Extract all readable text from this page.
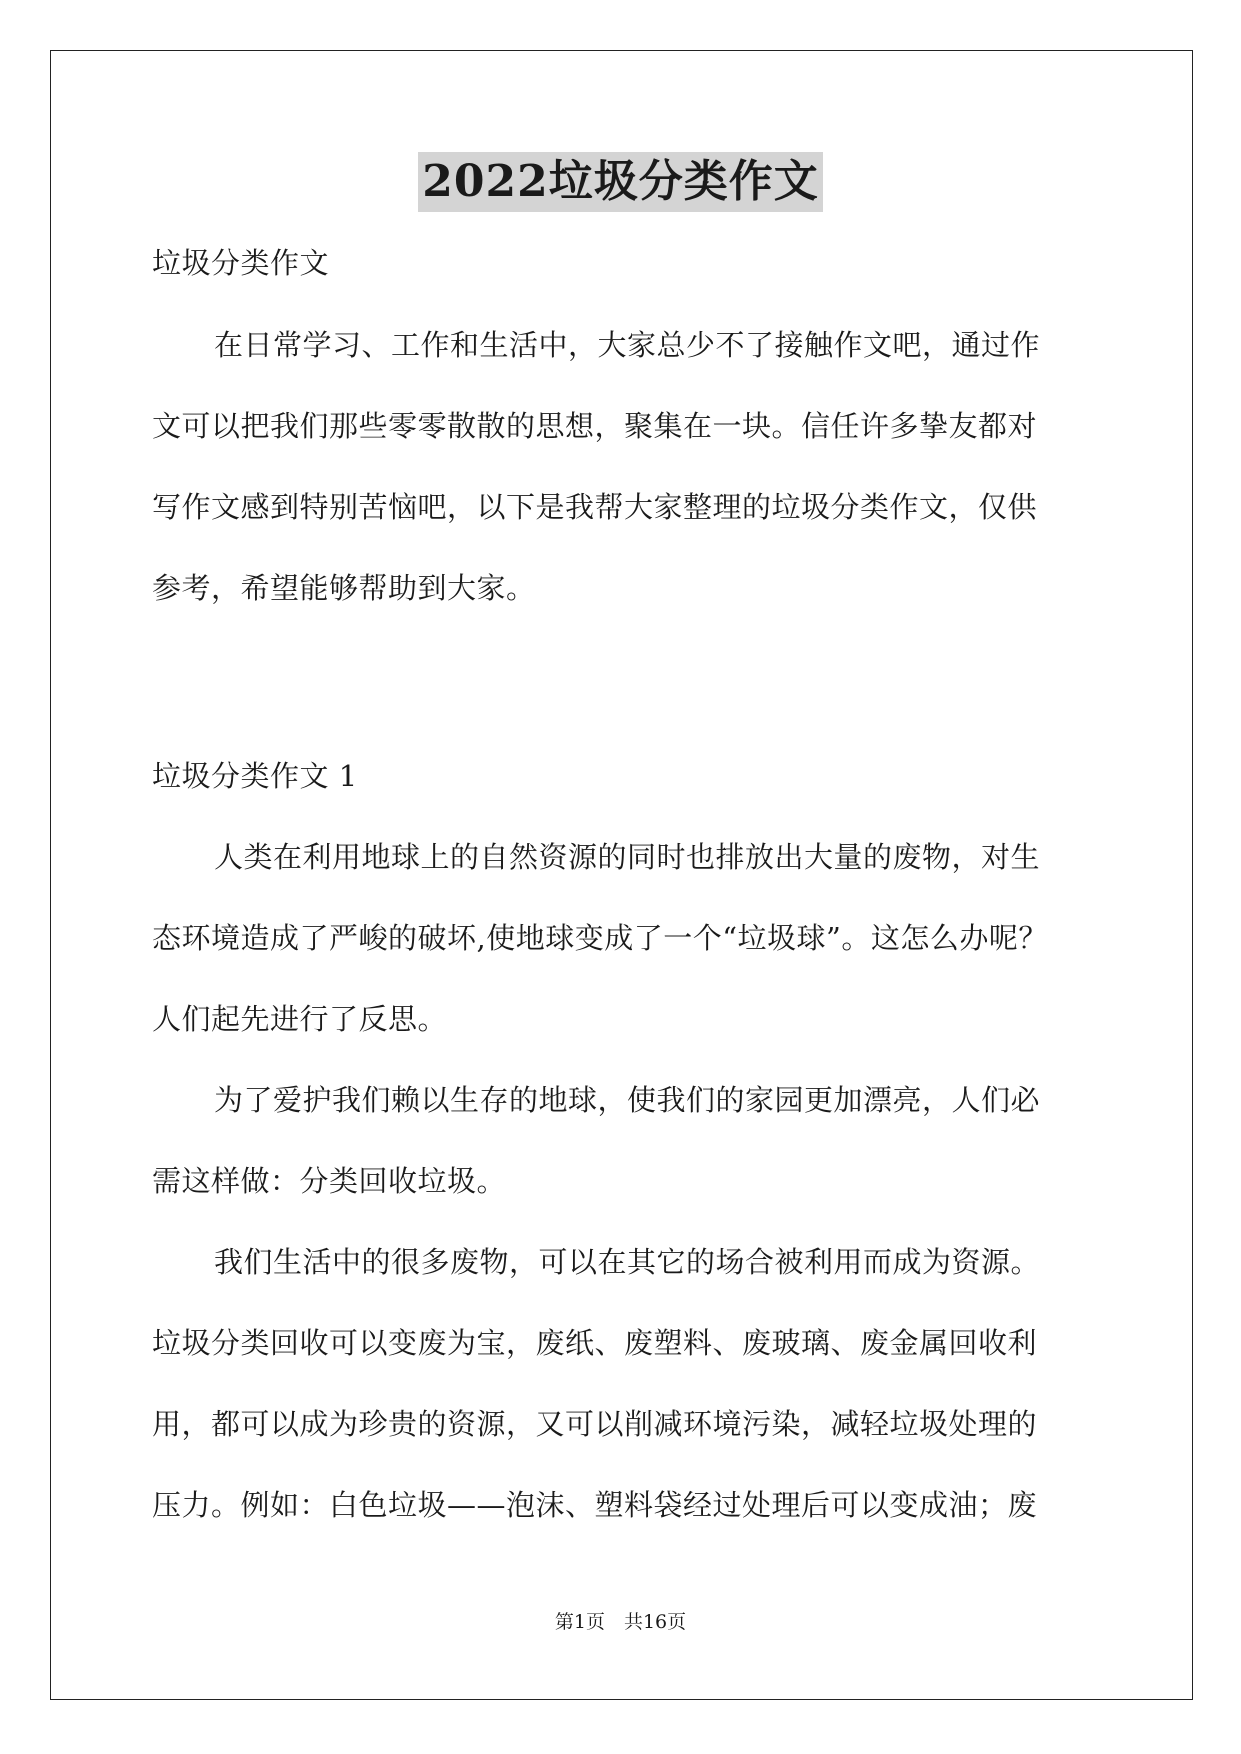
2022垃圾分类作文
垃圾分类作文
在日常学习、工作和生活中，大家总少不了接触作文吧，通过作
文可以把我们那些零零散散的思想，聚集在一块。信任许多挚友都对
写作文感到特别苦恼吧，以下是我帮大家整理的垃圾分类作文，仅供
参考，希望能够帮助到大家。
垃圾分类作文 1
人类在利用地球上的自然资源的同时也排放出大量的废物，对生
态环境造成了严峻的破坏,使地球变成了一个“垃圾球”。这怎么办呢？
人们起先进行了反思。
为了爱护我们赖以生存的地球，使我们的家园更加漂亮，人们必
需这样做：分类回收垃圾。
我们生活中的很多废物，可以在其它的场合被利用而成为资源。
垃圾分类回收可以变废为宝，废纸、废塑料、废玻璃、废金属回收利
用，都可以成为珍贵的资源，又可以削减环境污染，减轻垃圾处理的
压力。例如：白色垃圾——泡沫、塑料袋经过处理后可以变成油；废
第1页　共16页
